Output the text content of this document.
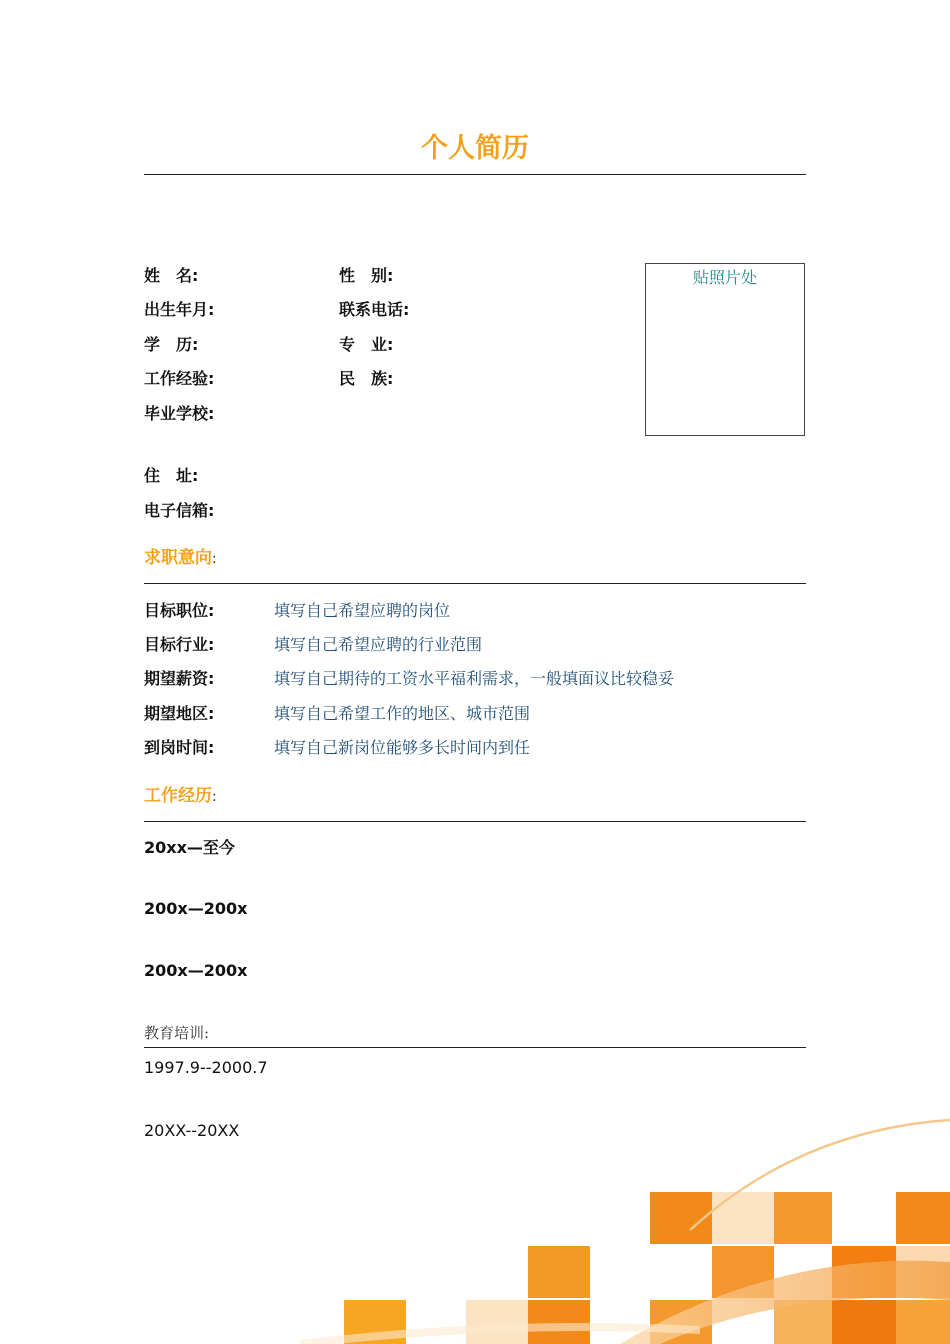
个人简历
姓　名:	性　别:
出生年月:	联系电话:
学　历:	专　业:
工作经验:	民　族:
毕业学校:
住　址:
电子信箱:
贴照片处
求职意向:
目标职位:	填写自己希望应聘的岗位
目标行业:	填写自己希望应聘的行业范围
期望薪资:	填写自己期待的工资水平福利需求，一般填面议比较稳妥
期望地区:	填写自己希望工作的地区、城市范围
到岗时间:	填写自己新岗位能够多长时间内到任
工作经历:
20xx—至今
200x—200x
200x—200x
教育培训:
1997.9--2000.7
20XX--20XX
